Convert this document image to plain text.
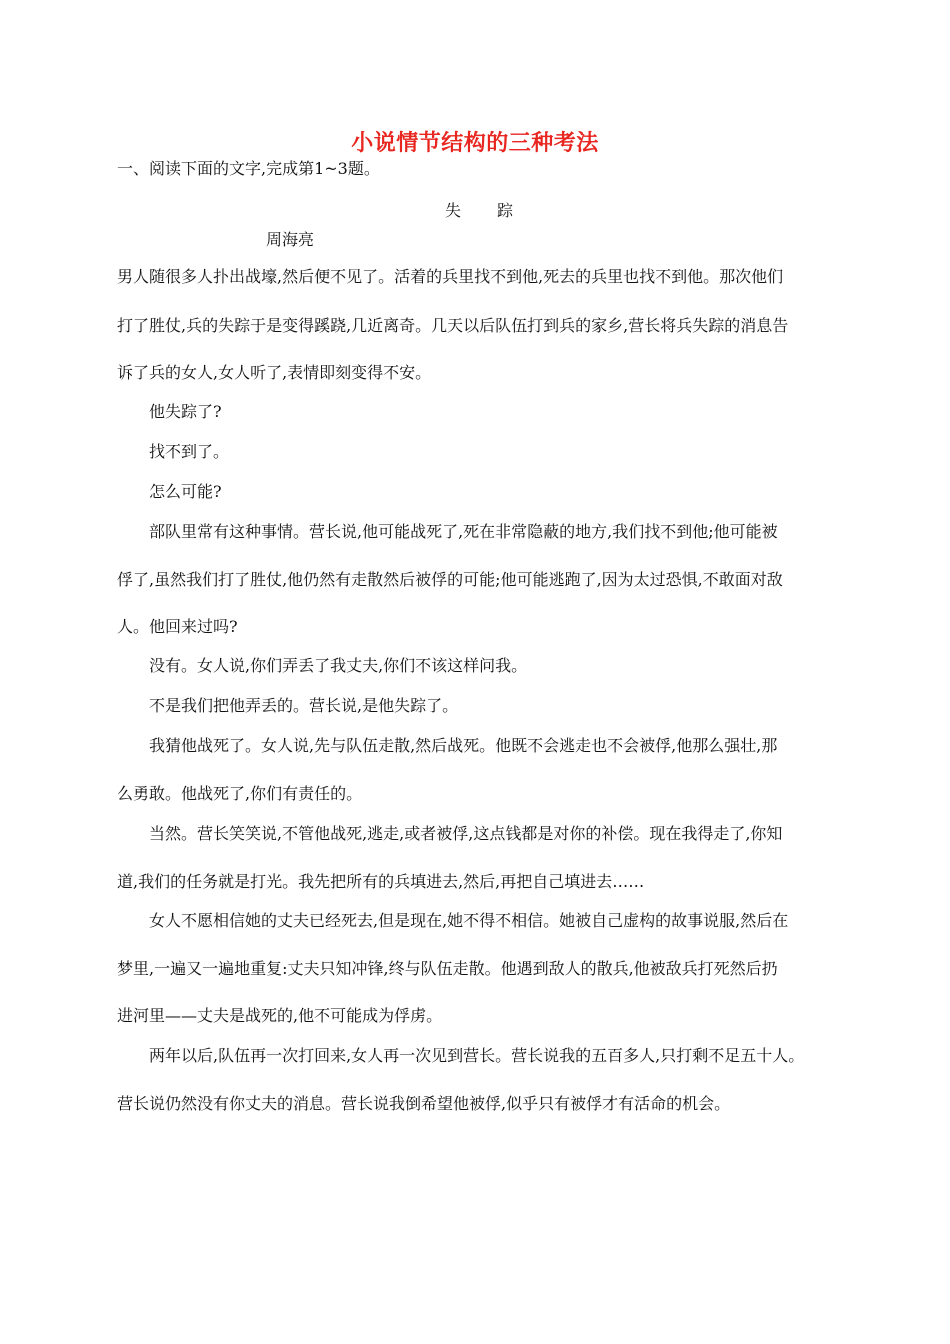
小说情节结构的三种考法
一、阅读下面的文字,完成第1~3题。
失 踪
周海亮
男人随很多人扑出战壕,然后便不见了。活着的兵里找不到他,死去的兵里也找不到他。那次他们
打了胜仗,兵的失踪于是变得蹊跷,几近离奇。几天以后队伍打到兵的家乡,营长将兵失踪的消息告
诉了兵的女人,女人听了,表情即刻变得不安。
他失踪了?
找不到了。
怎么可能?
部队里常有这种事情。营长说,他可能战死了,死在非常隐蔽的地方,我们找不到他;他可能被
俘了,虽然我们打了胜仗,他仍然有走散然后被俘的可能;他可能逃跑了,因为太过恐惧,不敢面对敌
人。他回来过吗?
没有。女人说,你们弄丢了我丈夫,你们不该这样问我。
不是我们把他弄丢的。营长说,是他失踪了。
我猜他战死了。女人说,先与队伍走散,然后战死。他既不会逃走也不会被俘,他那么强壮,那
么勇敢。他战死了,你们有责任的。
当然。营长笑笑说,不管他战死,逃走,或者被俘,这点钱都是对你的补偿。现在我得走了,你知
道,我们的任务就是打光。我先把所有的兵填进去,然后,再把自己填进去……
女人不愿相信她的丈夫已经死去,但是现在,她不得不相信。她被自己虚构的故事说服,然后在
梦里,一遍又一遍地重复:丈夫只知冲锋,终与队伍走散。他遇到敌人的散兵,他被敌兵打死然后扔
进河里——丈夫是战死的,他不可能成为俘虏。
两年以后,队伍再一次打回来,女人再一次见到营长。营长说我的五百多人,只打剩不足五十人。
营长说仍然没有你丈夫的消息。营长说我倒希望他被俘,似乎只有被俘才有活命的机会。
